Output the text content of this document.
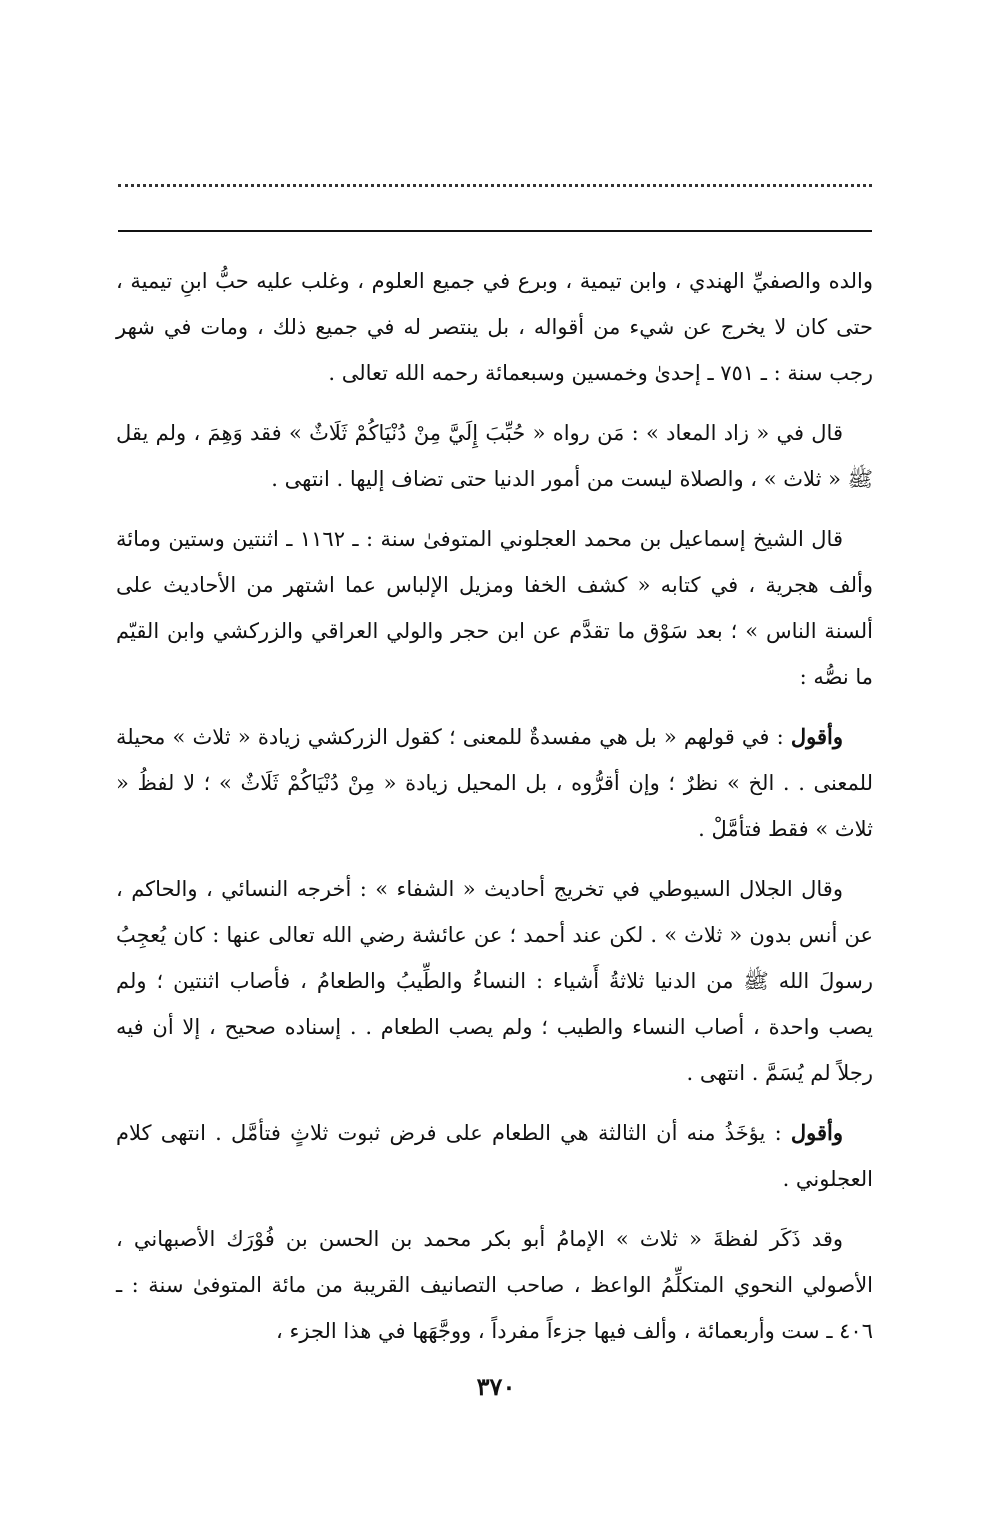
والده والصفيِّ الهندي ، وابن تيمية ، وبرع في جميع العلوم ، وغلب عليه حبُّ ابنِ تيمية ، حتى كان لا يخرج عن شيء من أقواله ، بل ينتصر له في جميع ذلك ، ومات في شهر رجب سنة : ـ ٧٥١ ـ إحدىٰ وخمسين وسبعمائة رحمه الله تعالى .

قال في « زاد المعاد » : مَن رواه « حُبِّبَ إِلَيَّ مِنْ دُنْيَاكُمْ ثَلَاثٌ » فقد وَهِمَ ، ولم يقل ﷺ « ثلاث » ، والصلاة ليست من أمور الدنيا حتى تضاف إليها . انتهى .

قال الشيخ إسماعيل بن محمد العجلوني المتوفىٰ سنة : ـ ١١٦٢ ـ اثنتين وستين ومائة وألف هجرية ، في كتابه « كشف الخفا ومزيل الإلباس عما اشتهر من الأحاديث على ألسنة الناس » ؛ بعد سَوْق ما تقدَّم عن ابن حجر والولي العراقي والزركشي وابن القيّم ما نصُّه :

وأقول : في قولهم « بل هي مفسدةٌ للمعنى ؛ كقول الزركشي زيادة « ثلاث » محيلة للمعنى . . الخ » نظرٌ ؛ وإن أقرُّوه ، بل المحيل زيادة « مِنْ دُنْيَاكُمْ ثَلَاثٌ » ؛ لا لفظُ « ثلاث » فقط فتأمَّلْ .

وقال الجلال السيوطي في تخريج أحاديث « الشفاء » : أخرجه النسائي ، والحاكم ، عن أنس بدون « ثلاث » . لكن عند أحمد ؛ عن عائشة رضي الله تعالى عنها : كان يُعجِبُ رسولَ الله ﷺ من الدنيا ثلاثةُ أَشياء : النساءُ والطِّيبُ والطعامُ ، فأصاب اثنتين ؛ ولم يصب واحدة ، أصاب النساء والطيب ؛ ولم يصب الطعام . . إسناده صحيح ، إلا أن فيه رجلاً لم يُسَمَّ . انتهى .

وأقول : يؤخَذُ منه أن الثالثة هي الطعام على فرض ثبوت ثلاثٍ فتأمَّل . انتهى كلام العجلوني .

وقد ذَكَر لفظةَ « ثلاث » الإمامُ أبو بكر محمد بن الحسن بن فُوْرَك الأصبهاني ، الأصولي النحوي المتكلِّمُ الواعظ ، صاحب التصانيف القريبة من مائة المتوفىٰ سنة : ـ ٤٠٦ ـ ست وأربعمائة ، وألف فيها جزءاً مفرداً ، ووجَّهَها في هذا الجزء ،

٣٧٠
